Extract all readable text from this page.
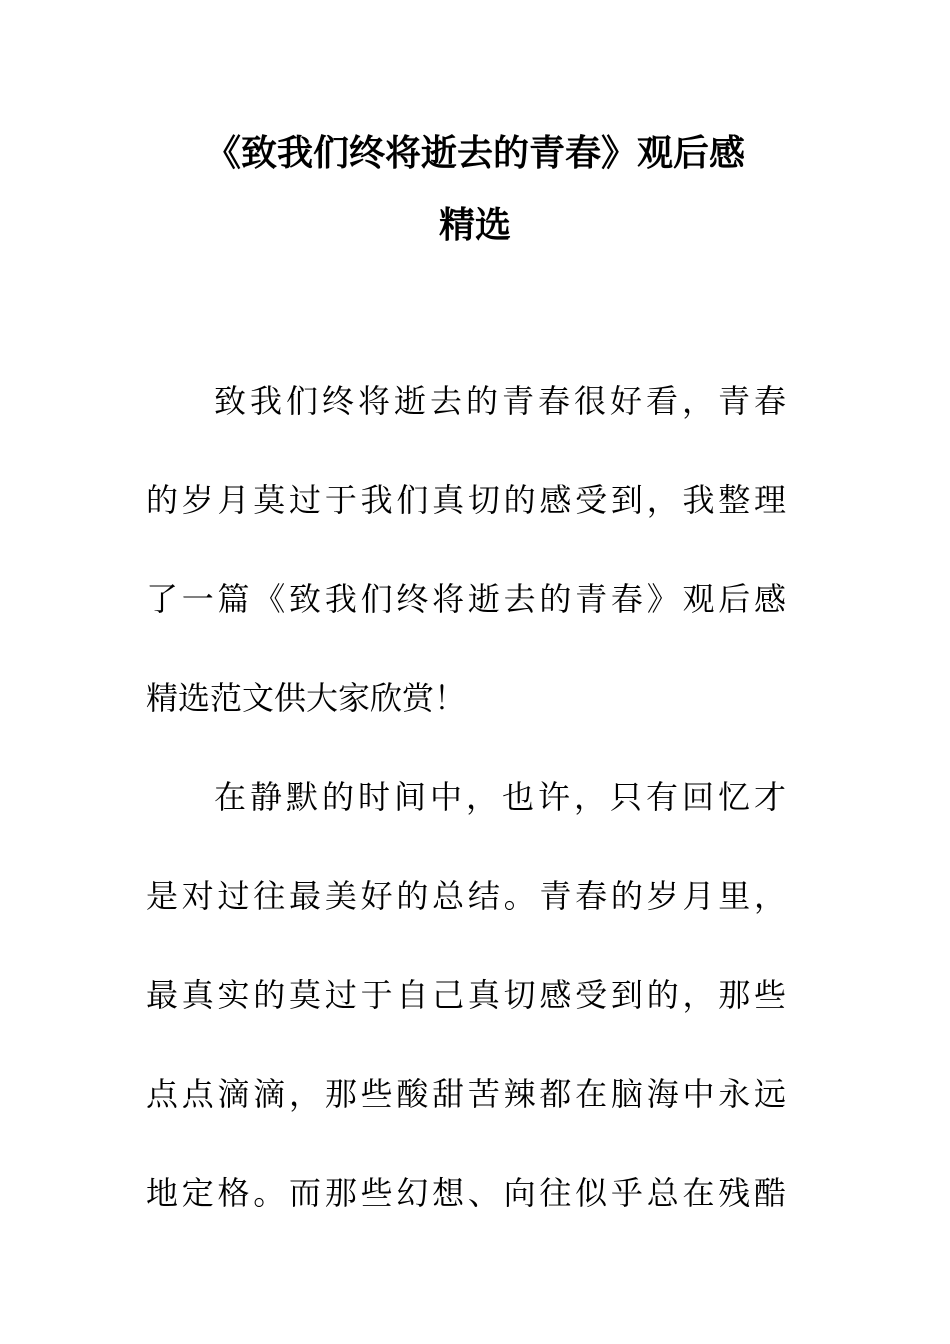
《致我们终将逝去的青春》观后感
精选
致我们终将逝去的青春很好看，青春
的岁月莫过于我们真切的感受到，我整理
了一篇《致我们终将逝去的青春》观后感
精选范文供大家欣赏！
在静默的时间中，也许，只有回忆才
是对过往最美好的总结。青春的岁月里，
最真实的莫过于自己真切感受到的，那些
点点滴滴，那些酸甜苦辣都在脑海中永远
地定格。而那些幻想、向往似乎总在残酷
